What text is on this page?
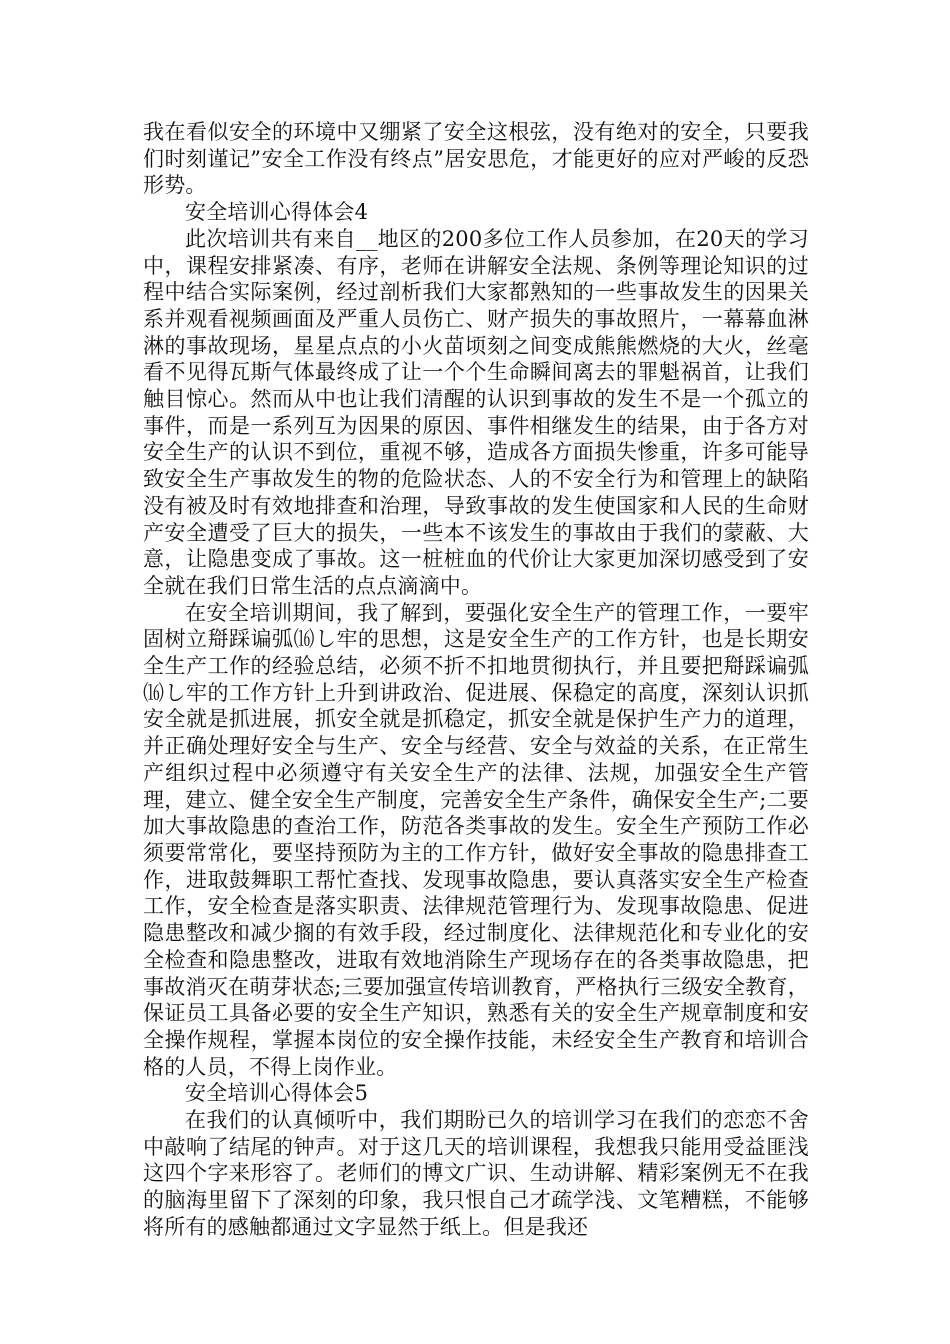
我在看似安全的环境中又绷紧了安全这根弦，没有绝对的安全，只要我们时刻谨记”安全工作没有终点”居安思危，才能更好的应对严峻的反恐形势。

安全培训心得体会4

此次培训共有来自__地区的200多位工作人员参加，在20天的学习中，课程安排紧凑、有序，老师在讲解安全法规、条例等理论知识的过程中结合实际案例，经过剖析我们大家都熟知的一些事故发生的因果关系并观看视频画面及严重人员伤亡、财产损失的事故照片，一幕幕血淋淋的事故现场，星星点点的小火苗顷刻之间变成熊熊燃烧的大火，丝毫看不见得瓦斯气体最终成了让一个个生命瞬间离去的罪魁祸首，让我们触目惊心。然而从中也让我们清醒的认识到事故的发生不是一个孤立的事件，而是一系列互为因果的原因、事件相继发生的结果，由于各方对安全生产的认识不到位，重视不够，造成各方面损失惨重，许多可能导致安全生产事故发生的物的危险状态、人的不安全行为和管理上的缺陷没有被及时有效地排查和治理，导致事故的发生使国家和人民的生命财产安全遭受了巨大的损失，一些本不该发生的事故由于我们的蒙蔽、大意，让隐患变成了事故。这一桩桩血的代价让大家更加深切感受到了安全就在我们日常生活的点点滴滴中。

在安全培训期间，我了解到，要强化安全生产的管理工作，一要牢固树立搿踩谝弧⒃し牢的思想，这是安全生产的工作方针，也是长期安全生产工作的经验总结，必须不折不扣地贯彻执行，并且要把搿踩谝弧⒃し牢的工作方针上升到讲政治、促进展、保稳定的高度，深刻认识抓安全就是抓进展，抓安全就是抓稳定，抓安全就是保护生产力的道理，并正确处理好安全与生产、安全与经营、安全与效益的关系，在正常生产组织过程中必须遵守有关安全生产的法律、法规，加强安全生产管理，建立、健全安全生产制度，完善安全生产条件，确保安全生产;二要加大事故隐患的查治工作，防范各类事故的发生。安全生产预防工作必须要常常化，要坚持预防为主的工作方针，做好安全事故的隐患排查工作，进取鼓舞职工帮忙查找、发现事故隐患，要认真落实安全生产检查工作，安全检查是落实职责、法律规范管理行为、发现事故隐患、促进隐患整改和减少搁的有效手段，经过制度化、法律规范化和专业化的安全检查和隐患整改，进取有效地消除生产现场存在的各类事故隐患，把事故消灭在萌芽状态;三要加强宣传培训教育，严格执行三级安全教育，保证员工具备必要的安全生产知识，熟悉有关的安全生产规章制度和安全操作规程，掌握本岗位的安全操作技能，未经安全生产教育和培训合格的人员，不得上岗作业。

安全培训心得体会5

在我们的认真倾听中，我们期盼已久的培训学习在我们的恋恋不舍中敲响了结尾的钟声。对于这几天的培训课程，我想我只能用受益匪浅这四个字来形容了。老师们的博文广识、生动讲解、精彩案例无不在我的脑海里留下了深刻的印象，我只恨自己才疏学浅、文笔糟糕，不能够将所有的感触都通过文字显然于纸上。但是我还
